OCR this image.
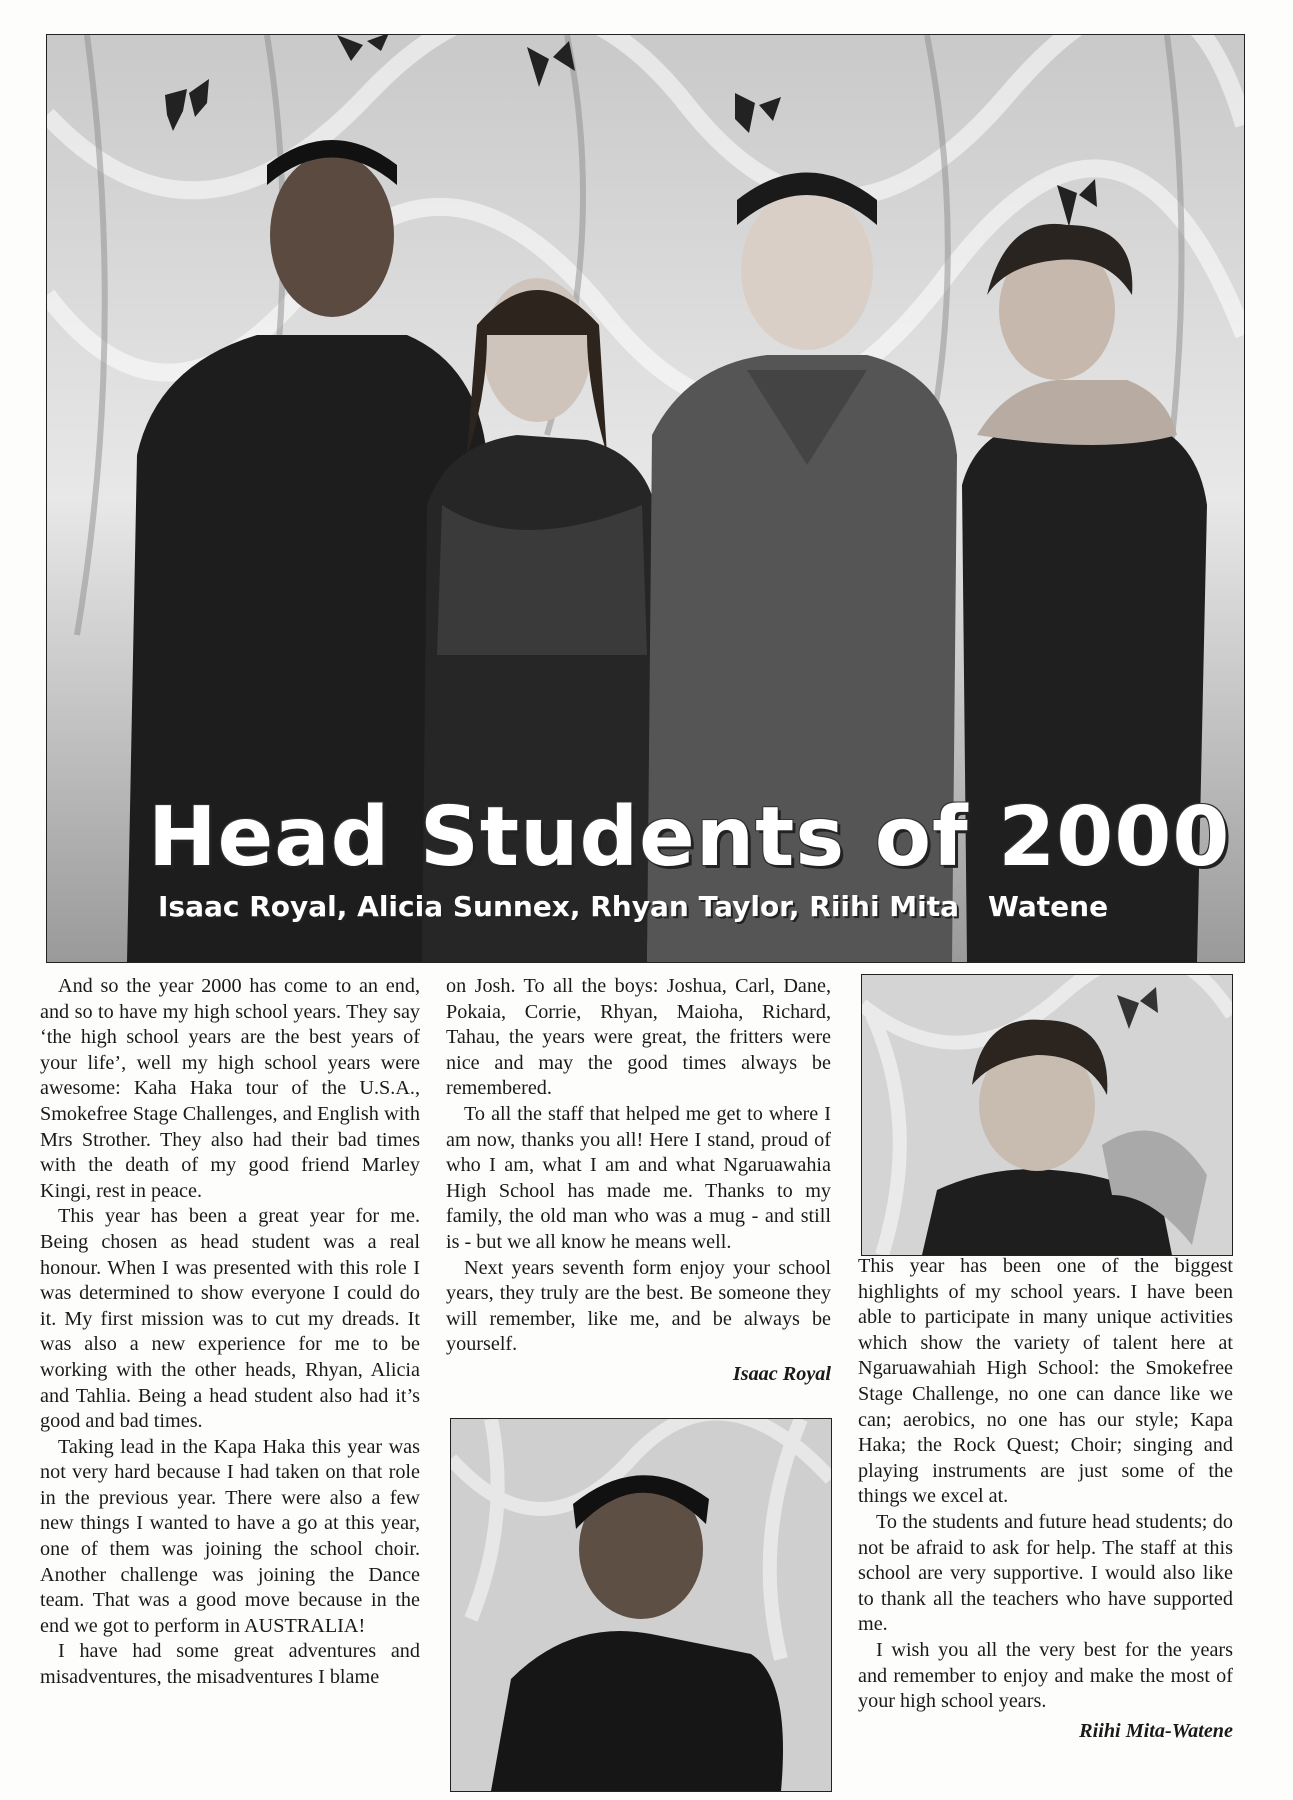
Head Students of 2000
Isaac Royal, Alicia Sunnex, Rhyan Taylor, Riihi Mita Watene

And so the year 2000 has come to an end, and so to have my high school years. They say ‘the high school years are the best years of your life’, well my high school years were awesome: Kaha Haka tour of the U.S.A., Smokefree Stage Challenges, and English with Mrs Strother. They also had their bad times with the death of my good friend Marley Kingi, rest in peace.

This year has been a great year for me. Being chosen as head student was a real honour. When I was presented with this role I was determined to show everyone I could do it. My first mission was to cut my dreads. It was also a new experience for me to be working with the other heads, Rhyan, Alicia and Tahlia. Being a head student also had it’s good and bad times.

Taking lead in the Kapa Haka this year was not very hard because I had taken on that role in the previous year. There were also a few new things I wanted to have a go at this year, one of them was joining the school choir. Another challenge was joining the Dance team. That was a good move because in the end we got to perform in AUSTRALIA!

I have had some great adventures and misadventures, the misadventures I blame

on Josh. To all the boys: Joshua, Carl, Dane, Pokaia, Corrie, Rhyan, Maioha, Richard, Tahau, the years were great, the fritters were nice and may the good times always be remembered.

To all the staff that helped me get to where I am now, thanks you all! Here I stand, proud of who I am, what I am and what Ngaruawahia High School has made me. Thanks to my family, the old man who was a mug - and still is - but we all know he means well.

Next years seventh form enjoy your school years, they truly are the best. Be someone they will remember, like me, and be always be yourself.

Isaac Royal

This year has been one of the biggest highlights of my school years. I have been able to participate in many unique activities which show the variety of talent here at Ngaruawahiah High School: the Smokefree Stage Challenge, no one can dance like we can; aerobics, no one has our style; Kapa Haka; the Rock Quest; Choir; singing and playing instruments are just some of the things we excel at.

To the students and future head students; do not be afraid to ask for help. The staff at this school are very supportive. I would also like to thank all the teachers who have supported me.

I wish you all the very best for the years and remember to enjoy and make the most of your high school years.

Riihi Mita-Watene
